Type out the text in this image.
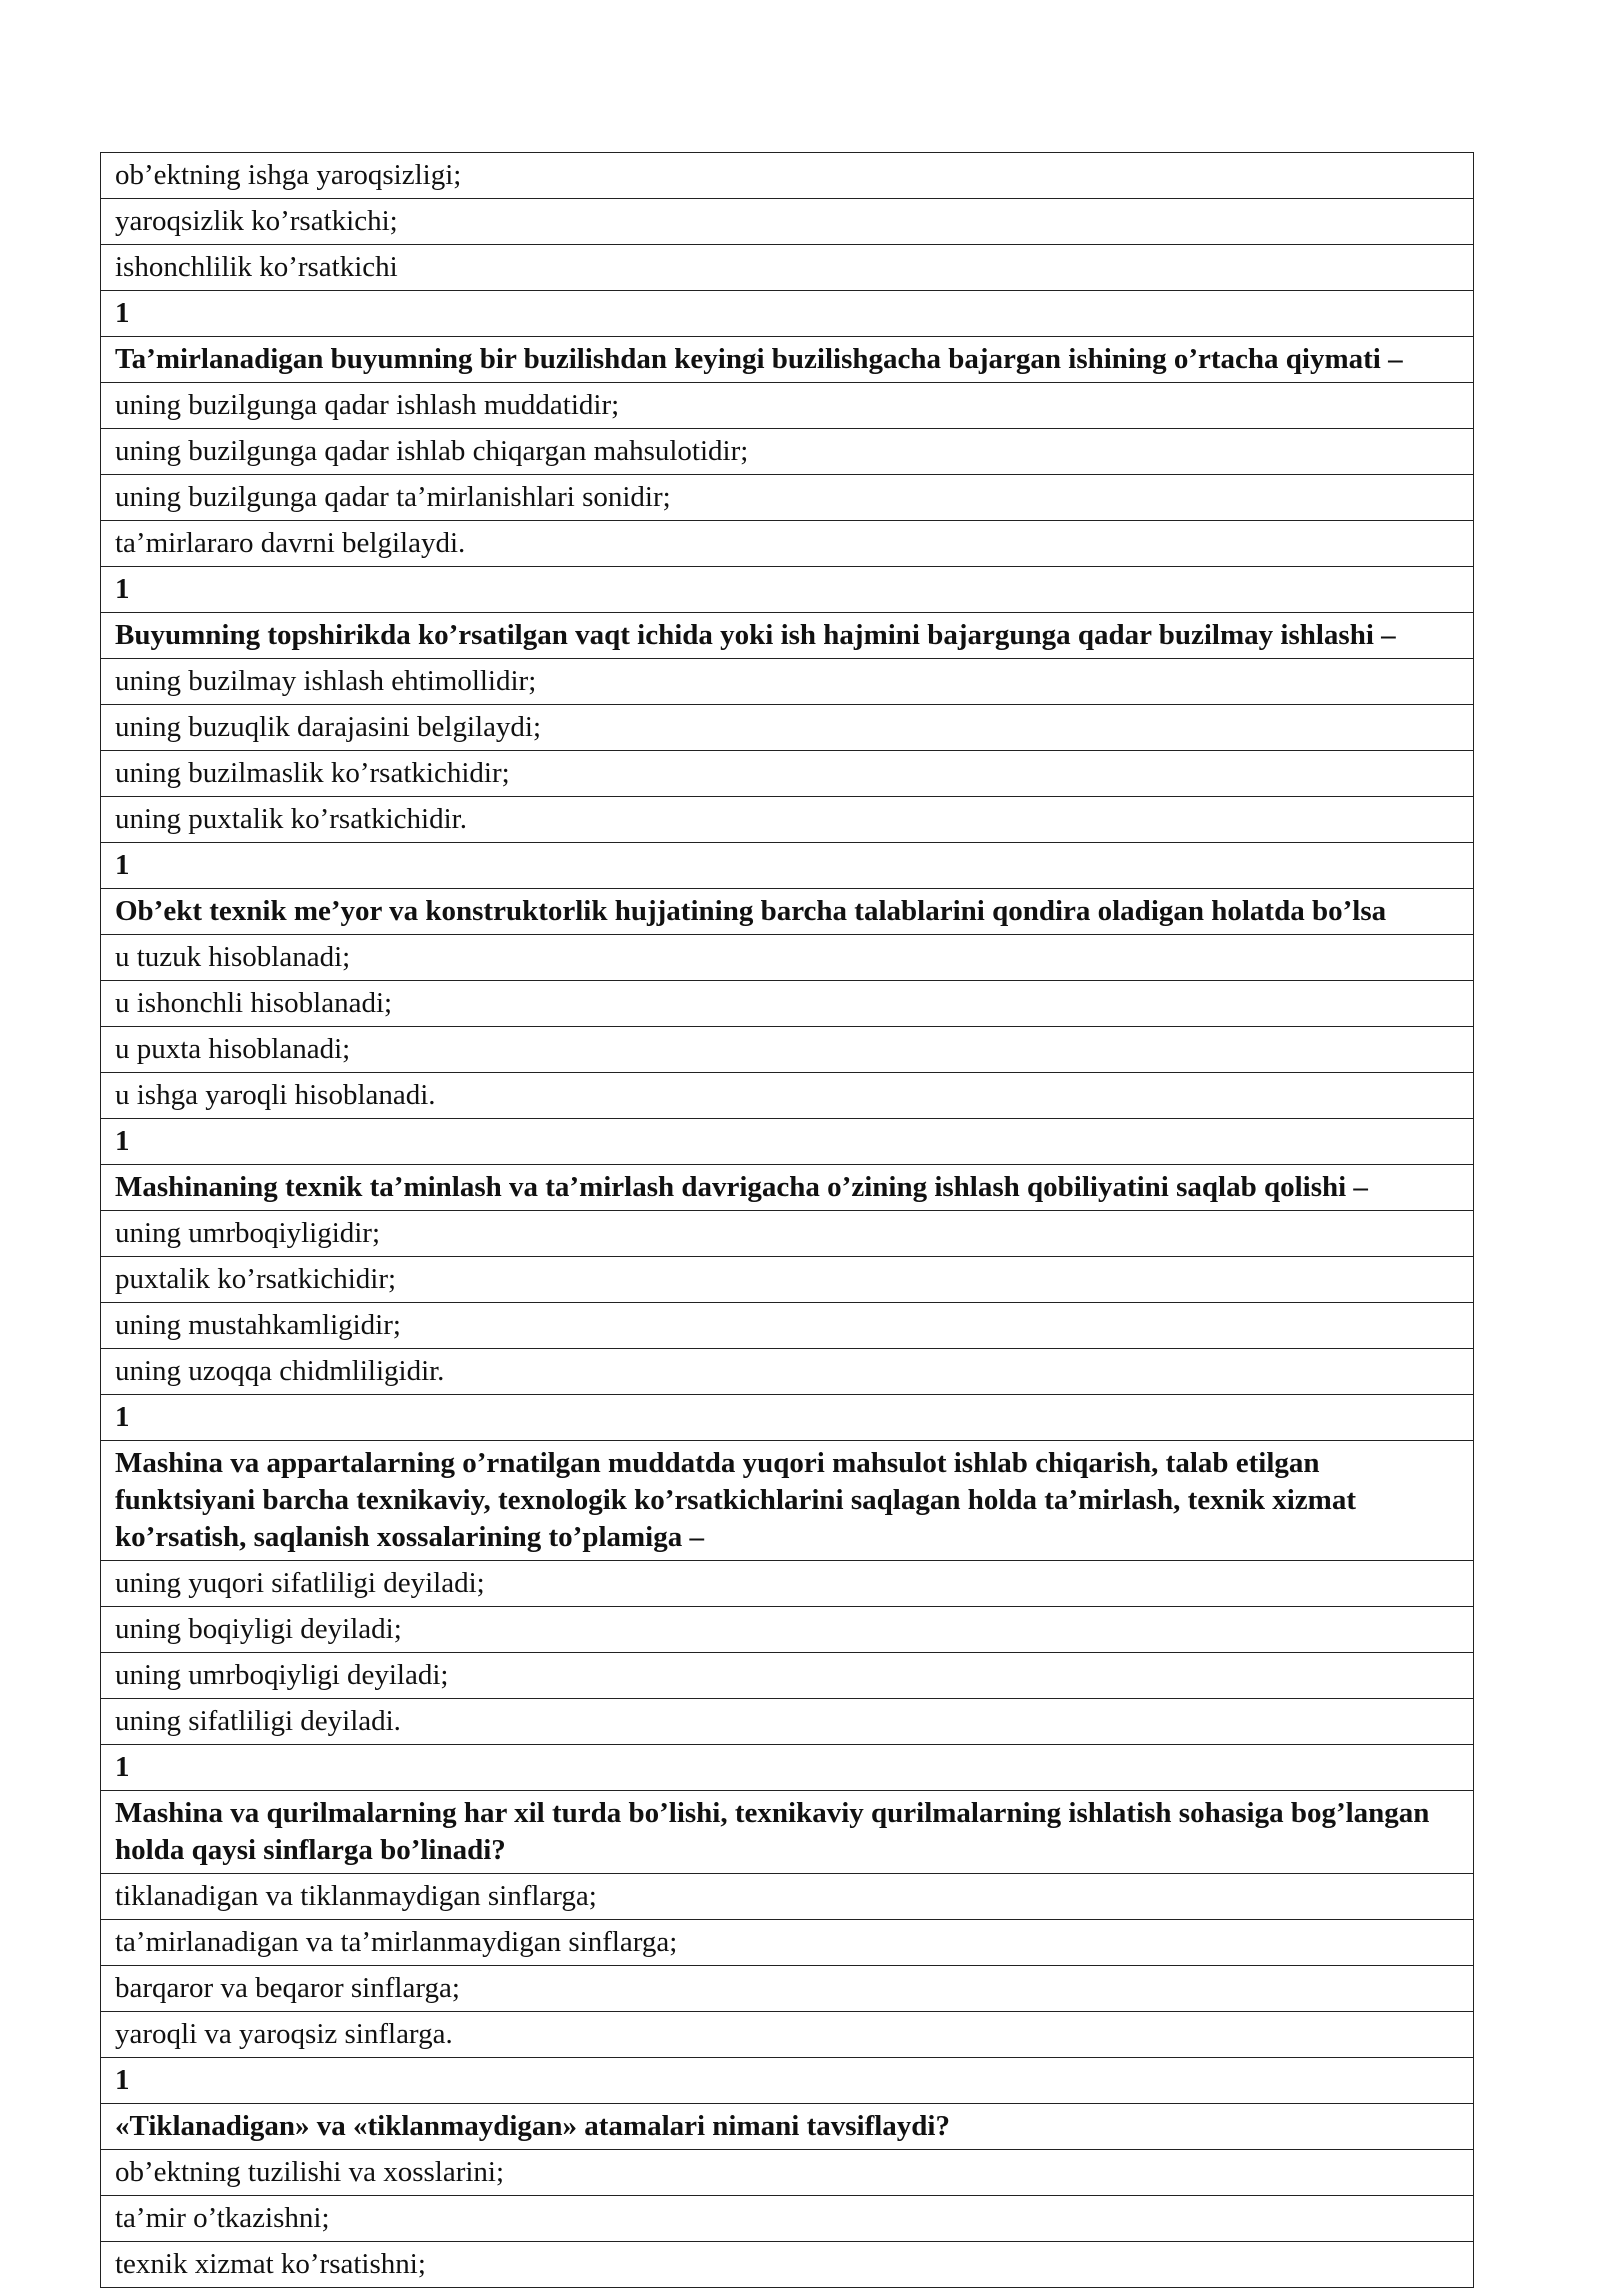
ob’ektning ishga yaroqsizligi;
yaroqsizlik ko’rsatkichi;
ishonchlilik ko’rsatkichi
1
Ta’mirlanadigan buyumning bir buzilishdan keyingi buzilishgacha bajargan ishining o’rtacha qiymati –
uning buzilgunga qadar ishlash muddatidir;
uning buzilgunga qadar ishlab chiqargan mahsulotidir;
uning buzilgunga qadar ta’mirlanishlari sonidir;
ta’mirlararo davrni belgilaydi.
1
Buyumning topshirikda ko’rsatilgan vaqt ichida yoki ish hajmini bajargunga qadar buzilmay ishlashi –
uning buzilmay ishlash ehtimollidir;
uning buzuqlik darajasini belgilaydi;
uning buzilmaslik ko’rsatkichidir;
uning puxtalik ko’rsatkichidir.
1
Ob’ekt texnik me’yor va konstruktorlik hujjatining barcha talablarini qondira oladigan holatda bo’lsa
u tuzuk hisoblanadi;
u ishonchli hisoblanadi;
u puxta hisoblanadi;
u ishga yaroqli hisoblanadi.
1
Mashinaning texnik ta’minlash va ta’mirlash davrigacha o’zining ishlash qobiliyatini saqlab qolishi –
uning umrboqiyligidir;
puxtalik ko’rsatkichidir;
uning mustahkamligidir;
uning uzoqqa chidmliligidir.
1
Mashina va appartalarning o’rnatilgan muddatda yuqori mahsulot ishlab chiqarish, talab etilgan funktsiyani barcha texnikaviy, texnologik ko’rsatkichlarini saqlagan holda ta’mirlash, texnik xizmat ko’rsatish, saqlanish xossalarining to’plamiga –
uning yuqori sifatliligi deyiladi;
uning boqiyligi deyiladi;
uning umrboqiyligi deyiladi;
uning sifatliligi deyiladi.
1
Mashina va qurilmalarning har xil turda bo’lishi, texnikaviy qurilmalarning ishlatish sohasiga bog’langan holda qaysi sinflarga bo’linadi?
tiklanadigan va tiklanmaydigan sinflarga;
ta’mirlanadigan va ta’mirlanmaydigan sinflarga;
barqaror va beqaror sinflarga;
yaroqli va yaroqsiz sinflarga.
1
«Tiklanadigan» va «tiklanmaydigan» atamalari nimani tavsiflaydi?
ob’ektning tuzilishi va xosslarini;
ta’mir o’tkazishni;
texnik xizmat ko’rsatishni;
